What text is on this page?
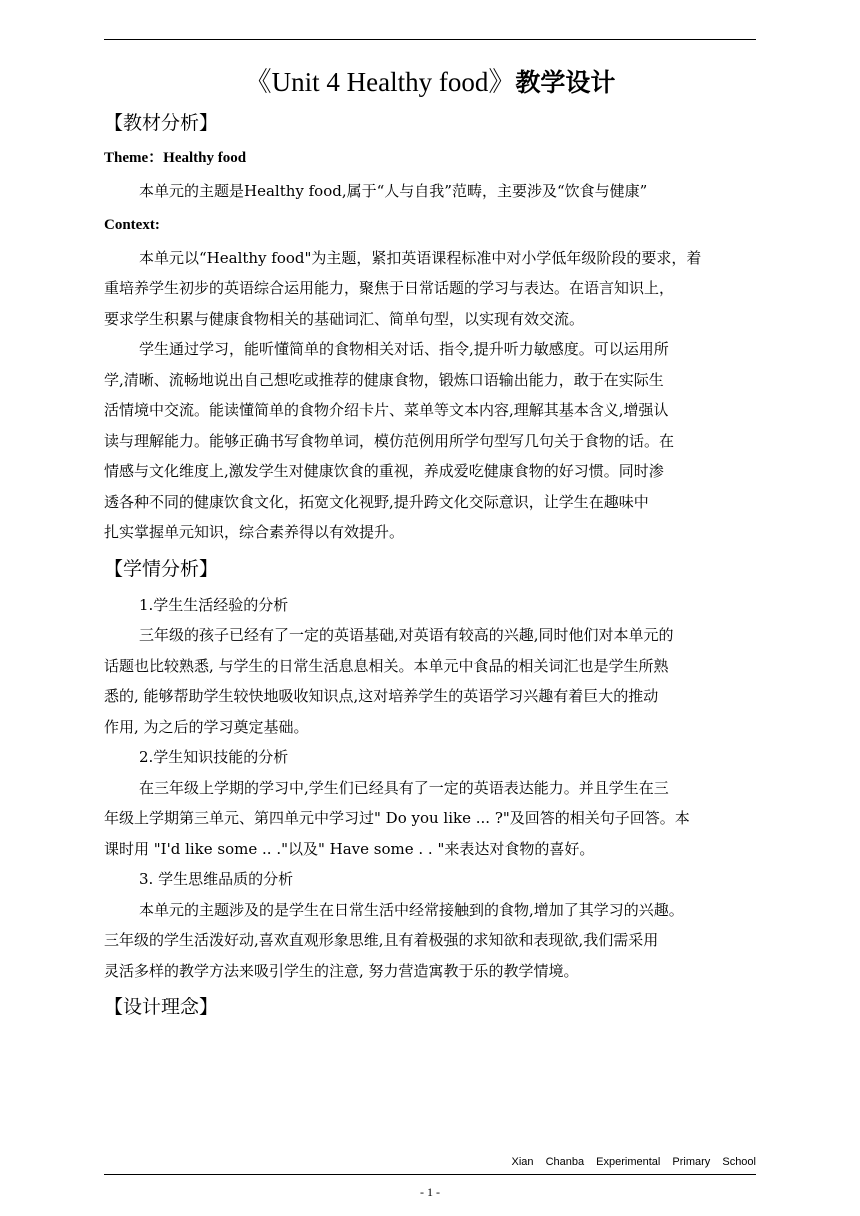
《Unit 4 Healthy food》教学设计
【教材分析】
Theme：Healthy food

本单元的主题是Healthy food,属于“人与自我”范畴，主要涉及“饮食与健康”

Context:

本单元以“Healthy food"为主题，紧扣英语课程标准中对小学低年级阶段的要求，着
重培养学生初步的英语综合运用能力，聚焦于日常话题的学习与表达。在语言知识上，
要求学生积累与健康食物相关的基础词汇、简单句型，以实现有效交流。

学生通过学习，能听懂简单的食物相关对话、指令,提升听力敏感度。可以运用所
学,清晰、流畅地说出自己想吃或推荐的健康食物，锻炼口语输出能力，敢于在实际生
活情境中交流。能读懂简单的食物介绍卡片、菜单等文本内容,理解其基本含义,增强认
读与理解能力。能够正确书写食物单词，模仿范例用所学句型写几句关于食物的话。在
情感与文化维度上,激发学生对健康饮食的重视，养成爱吃健康食物的好习惯。同时渗
透各种不同的健康饮食文化，拓宽文化视野,提升跨文化交际意识，让学生在趣味中
扎实掌握单元知识，综合素养得以有效提升。

【学情分析】
1.学生生活经验的分析

三年级的孩子已经有了一定的英语基础,对英语有较高的兴趣,同时他们对本单元的
话题也比较熟悉, 与学生的日常生活息息相关。本单元中食品的相关词汇也是学生所熟
悉的, 能够帮助学生较快地吸收知识点,这对培养学生的英语学习兴趣有着巨大的推动
作用, 为之后的学习奠定基础。

2.学生知识技能的分析

在三年级上学期的学习中,学生们已经具有了一定的英语表达能力。并且学生在三
年级上学期第三单元、第四单元中学习过" Do you like ... ?"及回答的相关句子回答。本
课时用 "I'd like some .. ."以及" Have some . . "来表达对食物的喜好。

3. 学生思维品质的分析

本单元的主题涉及的是学生在日常生活中经常接触到的食物,增加了其学习的兴趣。
三年级的学生活泼好动,喜欢直观形象思维,且有着极强的求知欲和表现欲,我们需采用
灵活多样的教学方法来吸引学生的注意, 努力营造寓教于乐的教学情境。

【设计理念】
Xian Chanba Experimental Primary School
- 1 -
